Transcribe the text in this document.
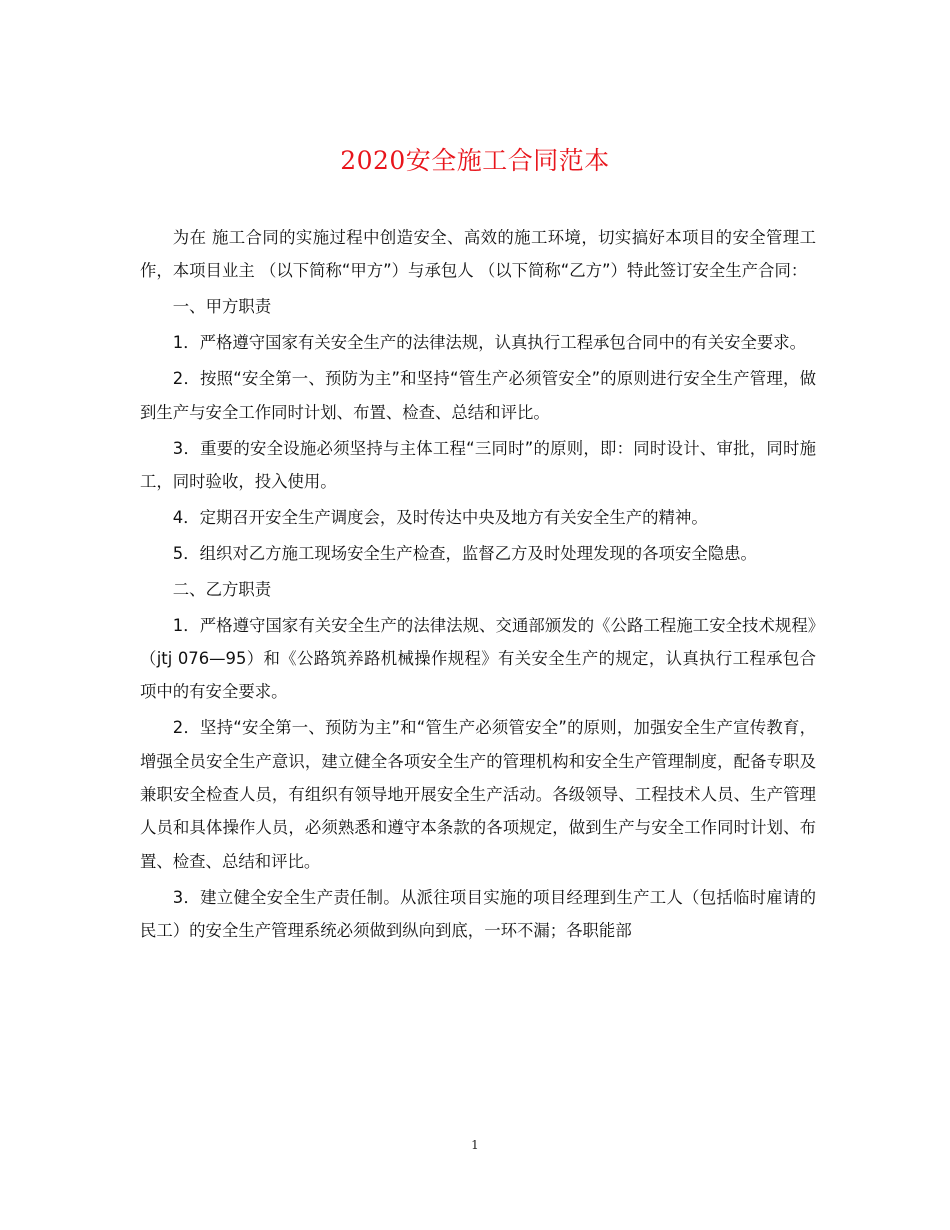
2020安全施工合同范本

为在 施工合同的实施过程中创造安全、高效的施工环境，切实搞好本项目的安全管理工作，本项目业主 （以下简称“甲方”）与承包人 （以下简称“乙方”）特此签订安全生产合同：

一、甲方职责

1．严格遵守国家有关安全生产的法律法规，认真执行工程承包合同中的有关安全要求。

2．按照“安全第一、预防为主”和坚持“管生产必须管安全”的原则进行安全生产管理，做到生产与安全工作同时计划、布置、检查、总结和评比。

3．重要的安全设施必须坚持与主体工程“三同时”的原则，即：同时设计、审批，同时施工，同时验收，投入使用。

4．定期召开安全生产调度会，及时传达中央及地方有关安全生产的精神。

5．组织对乙方施工现场安全生产检查，监督乙方及时处理发现的各项安全隐患。

二、乙方职责

1．严格遵守国家有关安全生产的法律法规、交通部颁发的《公路工程施工安全技术规程》（jtj 076—95）和《公路筑养路机械操作规程》有关安全生产的规定，认真执行工程承包合项中的有安全要求。

2．坚持“安全第一、预防为主”和“管生产必须管安全”的原则，加强安全生产宣传教育，增强全员安全生产意识，建立健全各项安全生产的管理机构和安全生产管理制度，配备专职及兼职安全检查人员，有组织有领导地开展安全生产活动。各级领导、工程技术人员、生产管理人员和具体操作人员，必须熟悉和遵守本条款的各项规定，做到生产与安全工作同时计划、布置、检查、总结和评比。

3．建立健全安全生产责任制。从派往项目实施的项目经理到生产工人（包括临时雇请的民工）的安全生产管理系统必须做到纵向到底，一环不漏；各职能部

1
